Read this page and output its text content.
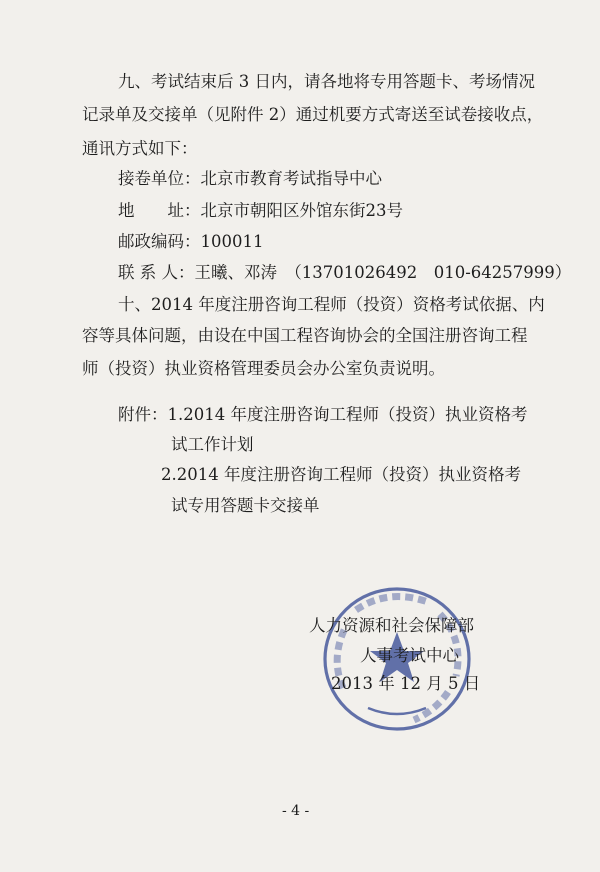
九、考试结束后 3 日内，请各地将专用答题卡、考场情况
记录单及交接单（见附件 2）通过机要方式寄送至试卷接收点，
通讯方式如下：
接卷单位：北京市教育考试指导中心
地　　址：北京市朝阳区外馆东街23号
邮政编码：100011
联 系 人：王曦、邓涛　（13701026492　010-64257999）
十、2014 年度注册咨询工程师（投资）资格考试依据、内
容等具体问题，由设在中国工程咨询协会的全国注册咨询工程
师（投资）执业资格管理委员会办公室负责说明。
附件：1.2014 年度注册咨询工程师（投资）执业资格考
试工作计划
2.2014 年度注册咨询工程师（投资）执业资格考
试专用答题卡交接单
人力资源和社会保障部
人事考试中心
2013 年 12 月 5 日
- 4 -
